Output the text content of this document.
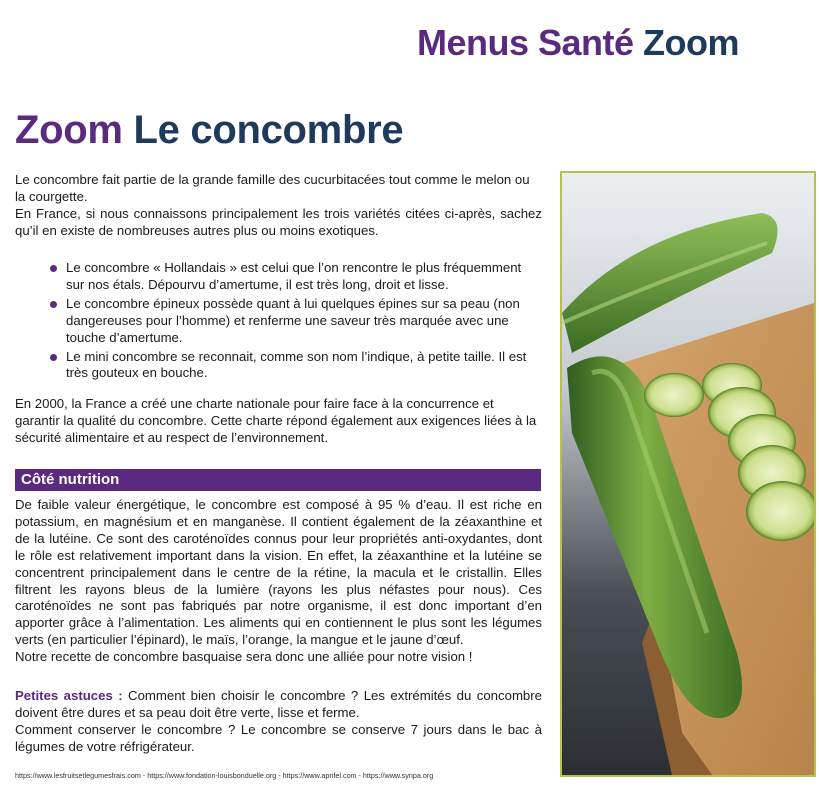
Menus Santé Zoom
Zoom Le concombre

Le concombre fait partie de la grande famille des cucurbitacées tout comme le melon ou la courgette.

En France, si nous connaissons principalement les trois variétés citées ci-après, sachez qu’il en existe de nombreuses autres plus ou moins exotiques.

Le concombre « Hollandais » est celui que l’on rencontre le plus fréquemment sur nos étals. Dépourvu d’amertume, il est très long, droit et lisse.
Le concombre épineux possède quant à lui quelques épines sur sa peau (non dangereuses pour l’homme) et renferme une saveur très marquée avec une touche d’amertume.
Le mini concombre se reconnait, comme son nom l’indique, à petite taille. Il est très gouteux en bouche.

En 2000, la France a créé une charte nationale pour faire face à la concurrence et garantir la qualité du concombre. Cette charte répond également aux exigences liées à la sécurité alimentaire et au respect de l’environnement.

Côté nutrition

De faible valeur énergétique, le concombre est composé à 95 % d’eau. Il est riche en potassium, en magnésium et en manganèse. Il contient également de la zéaxanthine et de la lutéine. Ce sont des caroténoïdes connus pour leur propriétés anti-oxydantes, dont le rôle est relativement important dans la vision. En effet, la zéaxanthine et la lutéine se concentrent principalement dans le centre de la rétine, la macula et le cristallin. Elles filtrent les rayons bleus de la lumière (rayons les plus néfastes pour nous). Ces caroténoïdes ne sont pas fabriqués par notre organisme, il est donc important d’en apporter grâce à l’alimentation. Les aliments qui en contiennent le plus sont les légumes verts (en particulier l’épinard), le maïs, l’orange, la mangue et le jaune d’œuf.

Notre recette de concombre basquaise sera donc une alliée pour notre vision !

Petites astuces : Comment bien choisir le concombre ? Les extrémités du concombre doivent être dures et sa peau doit être verte, lisse et ferme.

Comment conserver le concombre ? Le concombre se conserve 7 jours dans le bac à légumes de votre réfrigérateur.

https://www.lesfruitsetlegumesfrais.com - https://www.fondation-louisbonduelle.org - https://www.aprifel.com - https://www.synpa.org
